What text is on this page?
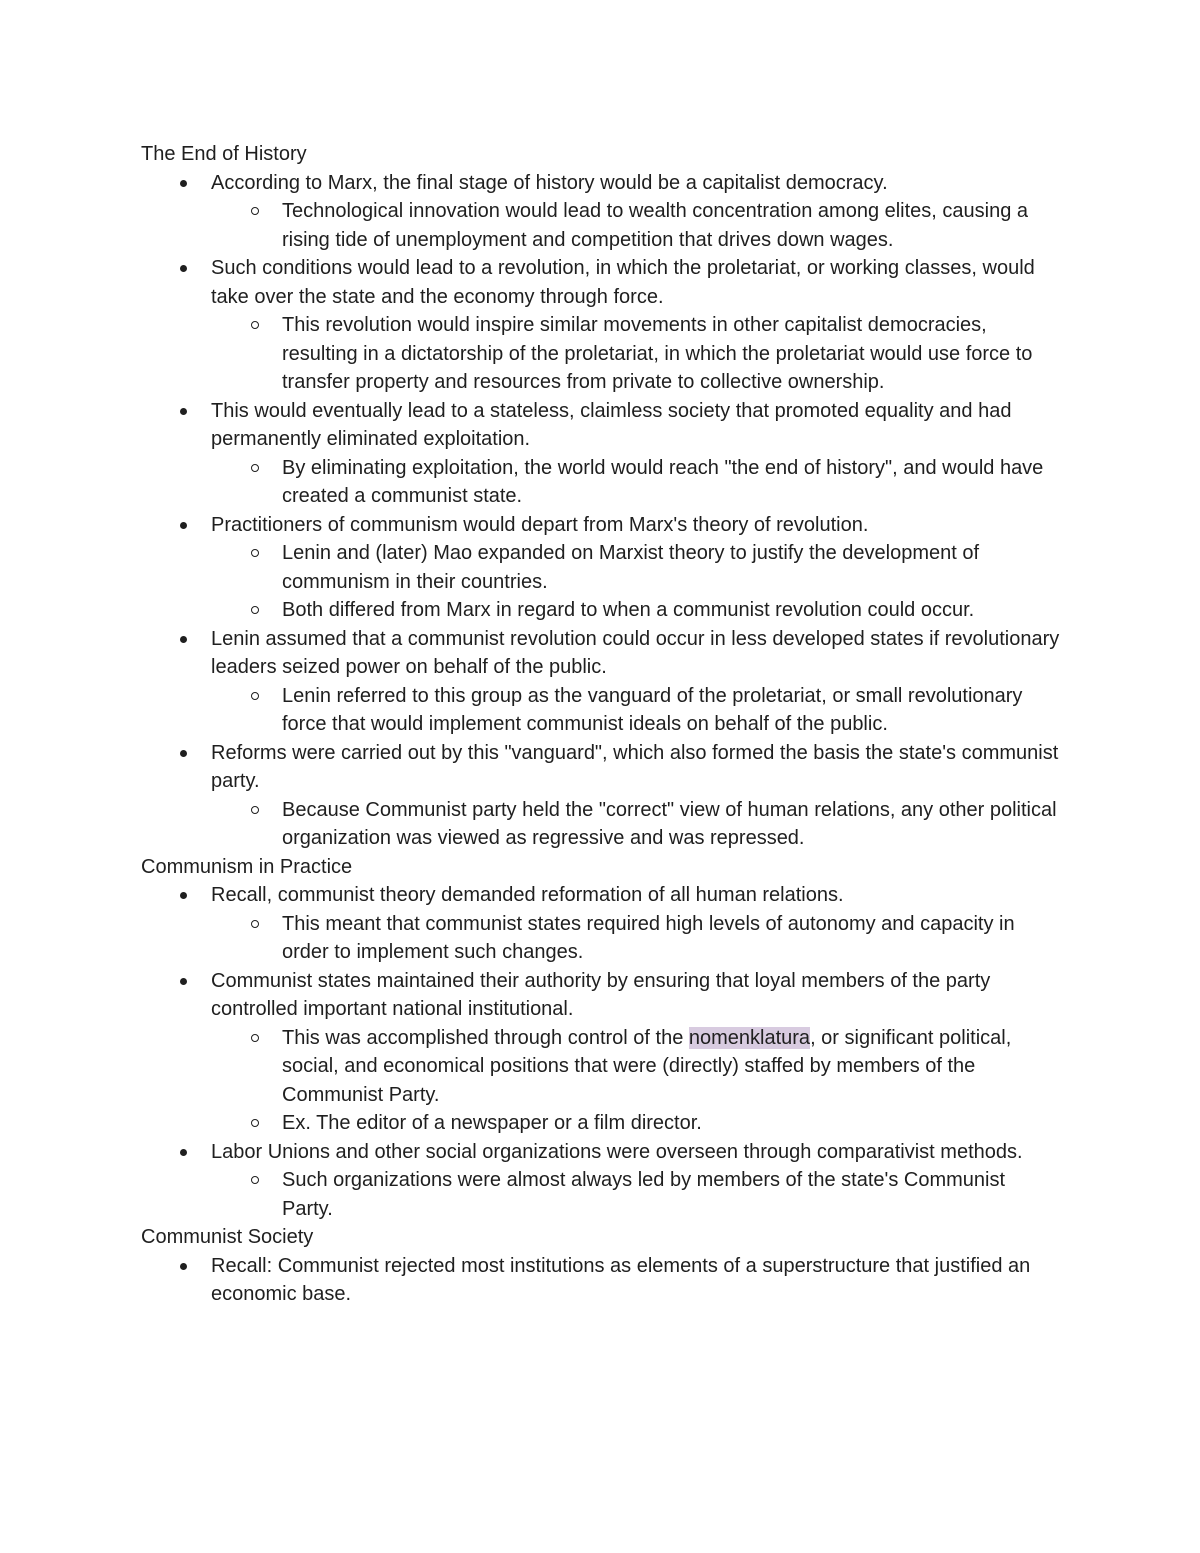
The End of History

According to Marx, the final stage of history would be a capitalist democracy.
Technological innovation would lead to wealth concentration among elites, causing a rising tide of unemployment and competition that drives down wages.
Such conditions would lead to a revolution, in which the proletariat, or working classes, would take over the state and the economy through force.
This revolution would inspire similar movements in other capitalist democracies, resulting in a dictatorship of the proletariat, in which the proletariat would use force to transfer property and resources from private to collective ownership.
This would eventually lead to a stateless, claimless society that promoted equality and had permanently eliminated exploitation.
By eliminating exploitation, the world would reach "the end of history", and would have created a communist state.
Practitioners of communism would depart from Marx's theory of revolution.
Lenin and (later) Mao expanded on Marxist theory to justify the development of communism in their countries.
Both differed from Marx in regard to when a communist revolution could occur.
Lenin assumed that a communist revolution could occur in less developed states if revolutionary leaders seized power on behalf of the public.
Lenin referred to this group as the vanguard of the proletariat, or small revolutionary force that would implement communist ideals on behalf of the public.
Reforms were carried out by this "vanguard", which also formed the basis the state's communist party.
Because Communist party held the "correct" view of human relations, any other political organization was viewed as regressive and was repressed.

Communism in Practice

Recall, communist theory demanded reformation of all human relations.
This meant that communist states required high levels of autonomy and capacity in order to implement such changes.
Communist states maintained their authority by ensuring that loyal members of the party controlled important national institutional.
This was accomplished through control of the nomenklatura, or significant political, social, and economical positions that were (directly) staffed by members of the Communist Party.
Ex. The editor of a newspaper or a film director.
Labor Unions and other social organizations were overseen through comparativist methods.
Such organizations were almost always led by members of the state's Communist Party.

Communist Society

Recall: Communist rejected most institutions as elements of a superstructure that justified an economic base.
